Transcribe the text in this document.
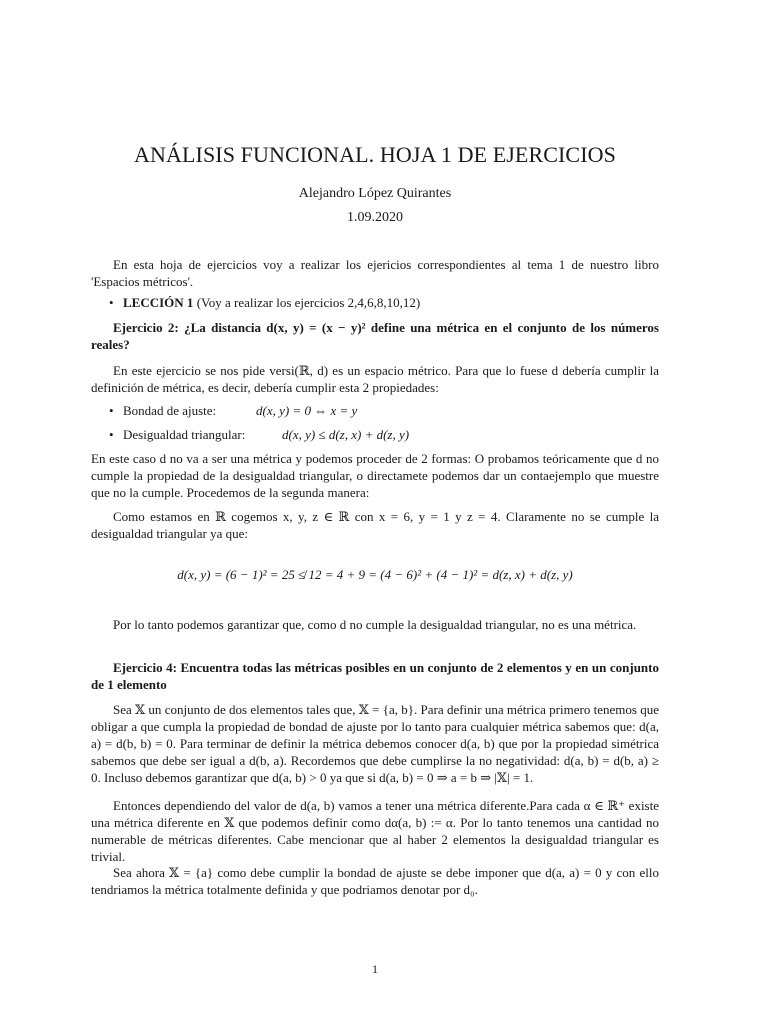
ANÁLISIS FUNCIONAL. HOJA 1 DE EJERCICIOS
Alejandro López Quirantes
1.09.2020

En esta hoja de ejercicios voy a realizar los ejericios correspondientes al tema 1 de nuestro libro 'Espacios métricos'.

• LECCIÓN 1 (Voy a realizar los ejercicios 2,4,6,8,10,12)

Ejercicio 2: ¿La distancia d(x, y) = (x − y)² define una métrica en el conjunto de los números reales?

En este ejercicio se nos pide versi(ℝ, d) es un espacio métrico. Para que lo fuese d debería cumplir la definición de métrica, es decir, debería cumplir esta 2 propiedades:

• Bondad de ajuste:	d(x, y) = 0 ⇔ x = y
• Desigualdad triangular:	d(x, y) ≤ d(z, x) + d(z, y)

En este caso d no va a ser una métrica y podemos proceder de 2 formas: O probamos teóricamente que d no cumple la propiedad de la desigualdad triangular, o directamete podemos dar un contaejemplo que muestre que no la cumple. Procedemos de la segunda manera:

Como estamos en ℝ cogemos x, y, z ∈ ℝ con x = 6, y = 1 y z = 4. Claramente no se cumple la desigualdad triangular ya que:

d(x, y) = (6 − 1)² = 25 ≰ 12 = 4 + 9 = (4 − 6)² + (4 − 1)² = d(z, x) + d(z, y)

Por lo tanto podemos garantizar que, como d no cumple la desigualdad triangular, no es una métrica.

Ejercicio 4: Encuentra todas las métricas posibles en un conjunto de 2 elementos y en un conjunto de 1 elemento

Sea 𝕏 un conjunto de dos elementos tales que, 𝕏 = {a, b}. Para definir una métrica primero tenemos que obligar a que cumpla la propiedad de bondad de ajuste por lo tanto para cualquier métrica sabemos que: d(a, a) = d(b, b) = 0. Para terminar de definir la métrica debemos conocer d(a, b) que por la propiedad simétrica sabemos que debe ser igual a d(b, a). Recordemos que debe cumplirse la no negatividad: d(a, b) = d(b, a) ≥ 0. Incluso debemos garantizar que d(a, b) > 0 ya que si d(a, b) = 0 ⇒ a = b ⇒ |𝕏| = 1.

Entonces dependiendo del valor de d(a, b) vamos a tener una métrica diferente.Para cada α ∈ ℝ⁺ existe una métrica diferente en 𝕏 que podemos definir como dα(a, b) := α. Por lo tanto tenemos una cantidad no numerable de métricas diferentes. Cabe mencionar que al haber 2 elementos la desigualdad triangular es trivial.

Sea ahora 𝕏 = {a} como debe cumplir la bondad de ajuste se debe imponer que d(a, a) = 0 y con ello tendriamos la métrica totalmente definida y que podriamos denotar por d₀.

1
